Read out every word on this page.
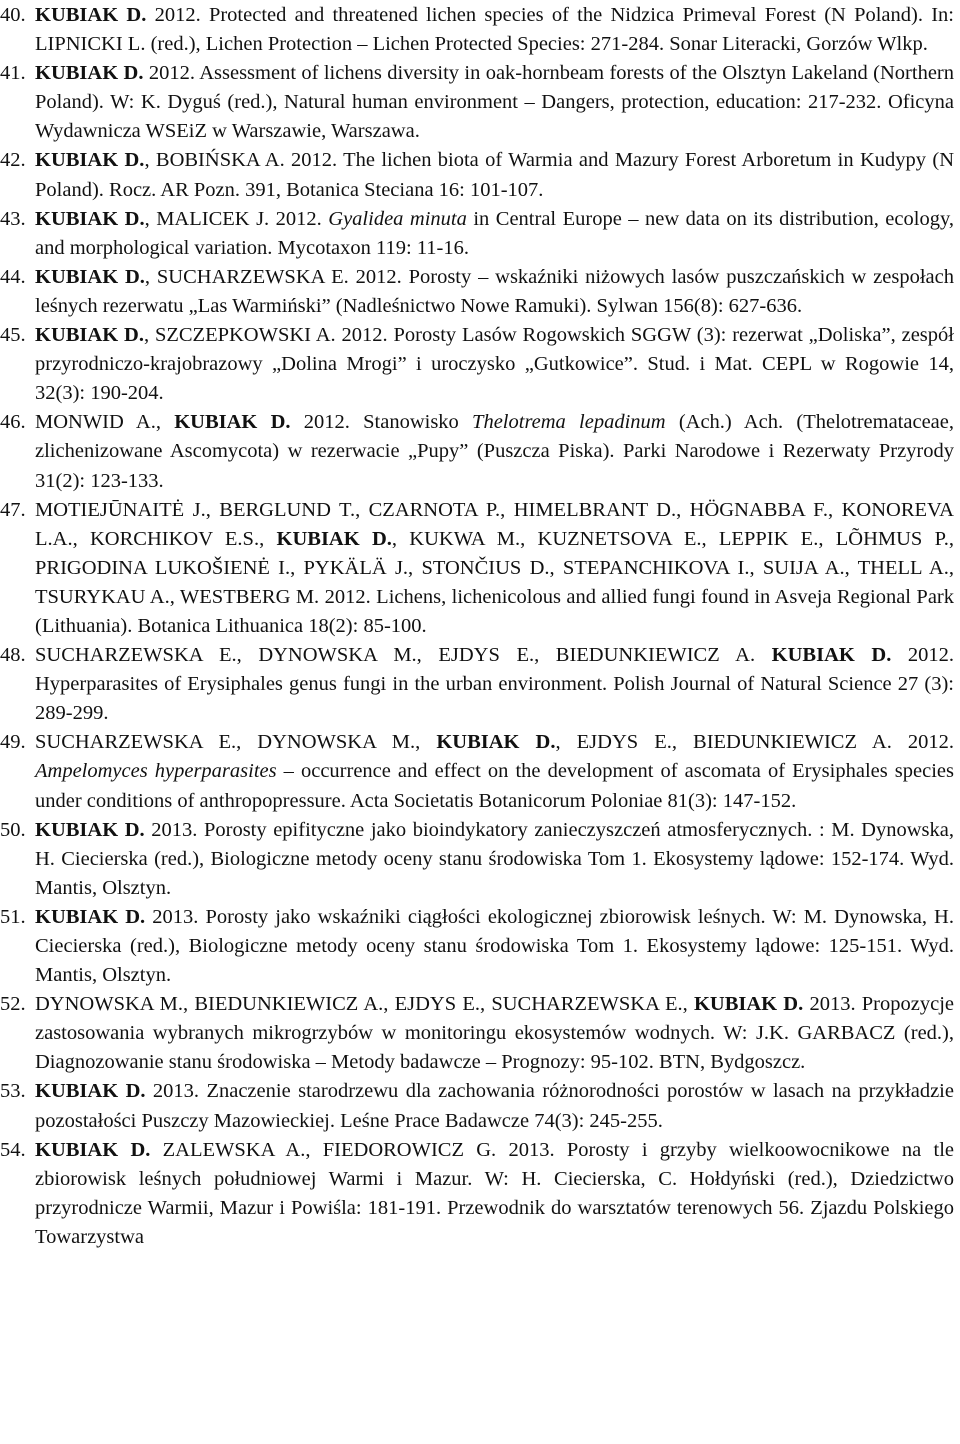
40. KUBIAK D. 2012. Protected and threatened lichen species of the Nidzica Primeval Forest (N Poland). In: LIPNICKI L. (red.), Lichen Protection – Lichen Protected Species: 271-284. Sonar Literacki, Gorzów Wlkp.

41. KUBIAK D. 2012. Assessment of lichens diversity in oak-hornbeam forests of the Olsztyn Lakeland (Northern Poland). W: K. Dyguś (red.), Natural human environment – Dangers, protection, education: 217-232. Oficyna Wydawnicza WSEiZ w Warszawie, Warszawa.

42. KUBIAK D., BOBIŃSKA A. 2012. The lichen biota of Warmia and Mazury Forest Arboretum in Kudypy (N Poland). Rocz. AR Pozn. 391, Botanica Steciana 16: 101-107.

43. KUBIAK D., MALICEK J. 2012. Gyalidea minuta in Central Europe – new data on its distribution, ecology, and morphological variation. Mycotaxon 119: 11-16.

44. KUBIAK D., SUCHARZEWSKA E. 2012. Porosty – wskaźniki niżowych lasów puszczańskich w zespołach leśnych rezerwatu „Las Warmiński” (Nadleśnictwo Nowe Ramuki). Sylwan 156(8): 627-636.

45. KUBIAK D., SZCZEPKOWSKI A. 2012. Porosty Lasów Rogowskich SGGW (3): rezerwat „Doliska”, zespół przyrodniczo-krajobrazowy „Dolina Mrogi” i uroczysko „Gutkowice”. Stud. i Mat. CEPL w Rogowie 14, 32(3): 190-204.

46. MONWID A., KUBIAK D. 2012. Stanowisko Thelotrema lepadinum (Ach.) Ach. (Thelotremataceae, zlichenizowane Ascomycota) w rezerwacie „Pupy” (Puszcza Piska). Parki Narodowe i Rezerwaty Przyrody 31(2): 123-133.

47. MOTIEJŪNAITĖ J., BERGLUND T., CZARNOTA P., HIMELBRANT D., HÖGNABBA F., KONOREVA L.A., KORCHIKOV E.S., KUBIAK D., KUKWA M., KUZNETSOVA E., LEPPIK E., LÕHMUS P., PRIGODINA LUKOŠIENĖ I., PYKÄLÄ J., STONČIUS D., STEPANCHIKOVA I., SUIJA A., THELL A., TSURYKAU A., WESTBERG M. 2012. Lichens, lichenicolous and allied fungi found in Asveja Regional Park (Lithuania). Botanica Lithuanica 18(2): 85-100.

48. SUCHARZEWSKA E., DYNOWSKA M., EJDYS E., BIEDUNKIEWICZ A. KUBIAK D. 2012. Hyperparasites of Erysiphales genus fungi in the urban environment. Polish Journal of Natural Science 27 (3): 289-299.

49. SUCHARZEWSKA E., DYNOWSKA M., KUBIAK D., EJDYS E., BIEDUNKIEWICZ A. 2012. Ampelomyces hyperparasites – occurrence and effect on the development of ascomata of Erysiphales species under conditions of anthropopressure. Acta Societatis Botanicorum Poloniae 81(3): 147-152.

50. KUBIAK D. 2013. Porosty epifityczne jako bioindykatory zanieczyszczeń atmosferycznych. : M. Dynowska, H. Ciecierska (red.), Biologiczne metody oceny stanu środowiska Tom 1. Ekosystemy lądowe: 152-174. Wyd. Mantis, Olsztyn.

51. KUBIAK D. 2013. Porosty jako wskaźniki ciągłości ekologicznej zbiorowisk leśnych. W: M. Dynowska, H. Ciecierska (red.), Biologiczne metody oceny stanu środowiska Tom 1. Ekosystemy lądowe: 125-151. Wyd. Mantis, Olsztyn.

52. DYNOWSKA M., BIEDUNKIEWICZ A., EJDYS E., SUCHARZEWSKA E., KUBIAK D. 2013. Propozycje zastosowania wybranych mikrogrzybów w monitoringu ekosystemów wodnych. W: J.K. GARBACZ (red.), Diagnozowanie stanu środowiska – Metody badawcze – Prognozy: 95-102. BTN, Bydgoszcz.

53. KUBIAK D. 2013. Znaczenie starodrzewu dla zachowania różnorodności porostów w lasach na przykładzie pozostałości Puszczy Mazowieckiej. Leśne Prace Badawcze 74(3): 245-255.

54. KUBIAK D. ZALEWSKA A., FIEDOROWICZ G. 2013. Porosty i grzyby wielkoowocnikowe na tle zbiorowisk leśnych południowej Warmi i Mazur. W: H. Ciecierska, C. Hołdyński (red.), Dziedzictwo przyrodnicze Warmii, Mazur i Powiśla: 181-191. Przewodnik do warsztatów terenowych 56. Zjazdu Polskiego Towarzystwa
